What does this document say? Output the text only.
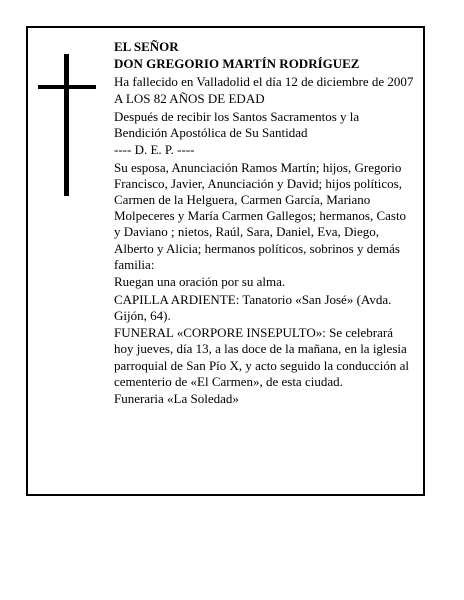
EL SEÑOR

DON GREGORIO MARTÍN RODRÍGUEZ

Ha fallecido en Valladolid el día 12 de diciembre de 2007

A LOS 82 AÑOS DE EDAD

Después de recibir los Santos Sacramentos y la Bendición Apostólica de Su Santidad

---- D. E. P. ----

Su esposa, Anunciación Ramos Martín; hijos, Gregorio Francisco, Javier, Anunciación y David; hijos políticos, Carmen de la Helguera, Carmen García, Mariano Molpeceres y María Carmen Gallegos; hermanos, Casto y Daviano ; nietos, Raúl, Sara, Daniel, Eva, Diego, Alberto y Alicia; hermanos políticos, sobrinos y demás familia:

Ruegan una oración por su alma.

CAPILLA ARDIENTE: Tanatorio «San José» (Avda. Gijón, 64).

FUNERAL «CORPORE INSEPULTO»: Se celebrará hoy jueves, día 13, a las doce de la mañana, en la iglesia parroquial de San Pío X, y acto seguido la conducción al cementerio de «El Carmen», de esta ciudad.

Funeraria «La Soledad»
